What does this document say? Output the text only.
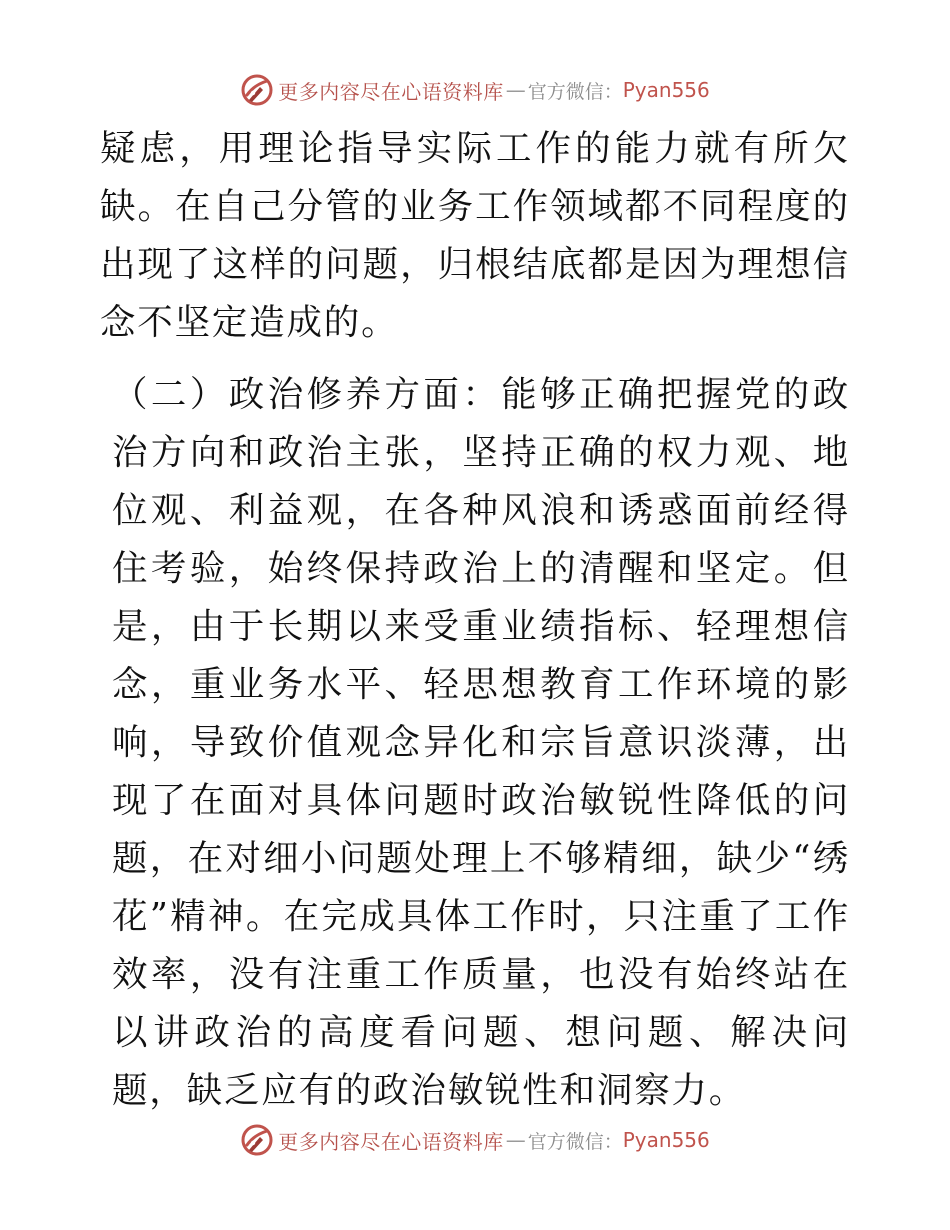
更多内容尽在心语资料库 — 官方微信： Pyan556

疑虑，用理论指导实际工作的能力就有所欠缺。在自己分管的业务工作领域都不同程度的出现了这样的问题，归根结底都是因为理想信念不坚定造成的。

（二）政治修养方面：能够正确把握党的政治方向和政治主张，坚持正确的权力观、地位观、利益观，在各种风浪和诱惑面前经得住考验，始终保持政治上的清醒和坚定。但是，由于长期以来受重业绩指标、轻理想信念，重业务水平、轻思想教育工作环境的影响，导致价值观念异化和宗旨意识淡薄，出现了在面对具体问题时政治敏锐性降低的问题，在对细小问题处理上不够精细，缺少“绣花”精神。在完成具体工作时，只注重了工作效率，没有注重工作质量，也没有始终站在以讲政治的高度看问题、想问题、解决问题，缺乏应有的政治敏锐性和洞察力。

更多内容尽在心语资料库 — 官方微信： Pyan556
